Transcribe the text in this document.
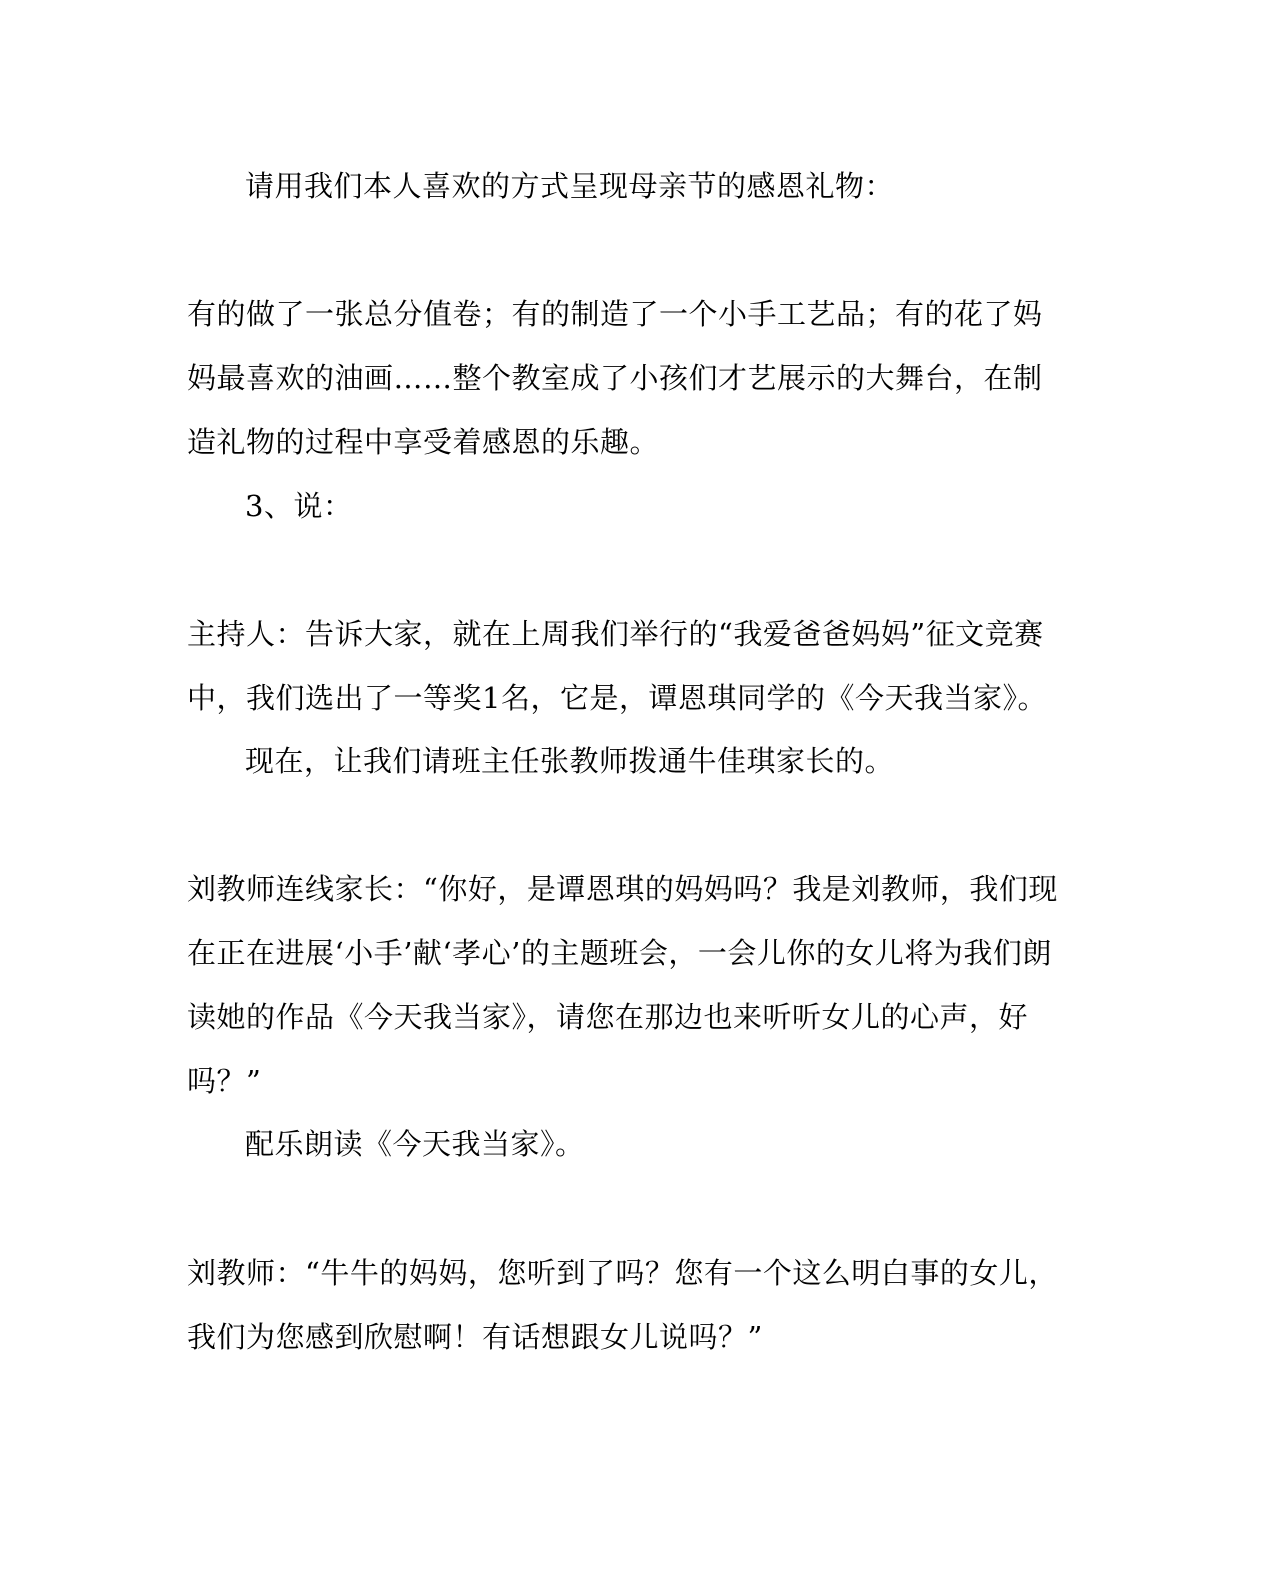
请用我们本人喜欢的方式呈现母亲节的感恩礼物：

有的做了一张总分值卷；有的制造了一个小手工艺品；有的花了妈妈最喜欢的油画……整个教室成了小孩们才艺展示的大舞台，在制造礼物的过程中享受着感恩的乐趣。

3、说：

主持人：告诉大家，就在上周我们举行的“我爱爸爸妈妈”征文竞赛中，我们选出了一等奖1名，它是，谭恩琪同学的《今天我当家》。

现在，让我们请班主任张教师拨通牛佳琪家长的。

刘教师连线家长：“你好，是谭恩琪的妈妈吗？我是刘教师，我们现在正在进展‘小手’献‘孝心’的主题班会，一会儿你的女儿将为我们朗读她的作品《今天我当家》，请您在那边也来听听女儿的心声，好吗？”

配乐朗读《今天我当家》。

刘教师：“牛牛的妈妈，您听到了吗？您有一个这么明白事的女儿，我们为您感到欣慰啊！有话想跟女儿说吗？”
